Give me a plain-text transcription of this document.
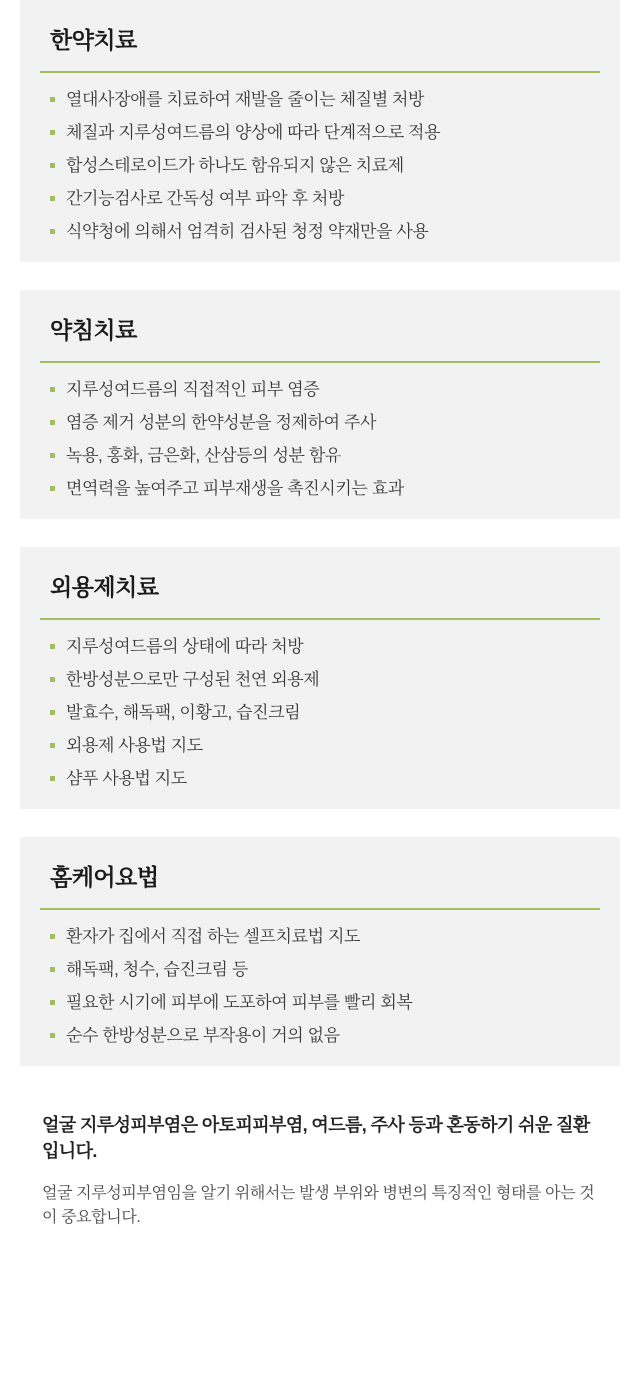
한약치료
열대사장애를 치료하여 재발을 줄이는 체질별 처방
체질과 지루성여드름의 양상에 따라 단계적으로 적용
합성스테로이드가 하나도 함유되지 않은 치료제
간기능검사로 간독성 여부 파악 후 처방
식약청에 의해서 엄격히 검사된 청정 약재만을 사용
약침치료
지루성여드름의 직접적인 피부 염증
염증 제거 성분의 한약성분을 정제하여 주사
녹용, 홍화, 금은화, 산삼등의 성분 함유
면역력을 높여주고 피부재생을 촉진시키는 효과
외용제치료
지루성여드름의 상태에 따라 처방
한방성분으로만 구성된 천연 외용제
발효수, 해독팩, 이황고, 습진크림
외용제 사용법 지도
샴푸 사용법 지도
홈케어요법
환자가 집에서 직접 하는 셀프치료법 지도
해독팩, 청수, 습진크림 등
필요한 시기에 피부에 도포하여 피부를 빨리 회복
순수 한방성분으로 부작용이 거의 없음

얼굴 지루성피부염은 아토피피부염, 여드름, 주사 등과 혼동하기 쉬운 질환입니다.

얼굴 지루성피부염임을 알기 위해서는 발생 부위와 병변의 특징적인 형태를 아는 것이 중요합니다.
